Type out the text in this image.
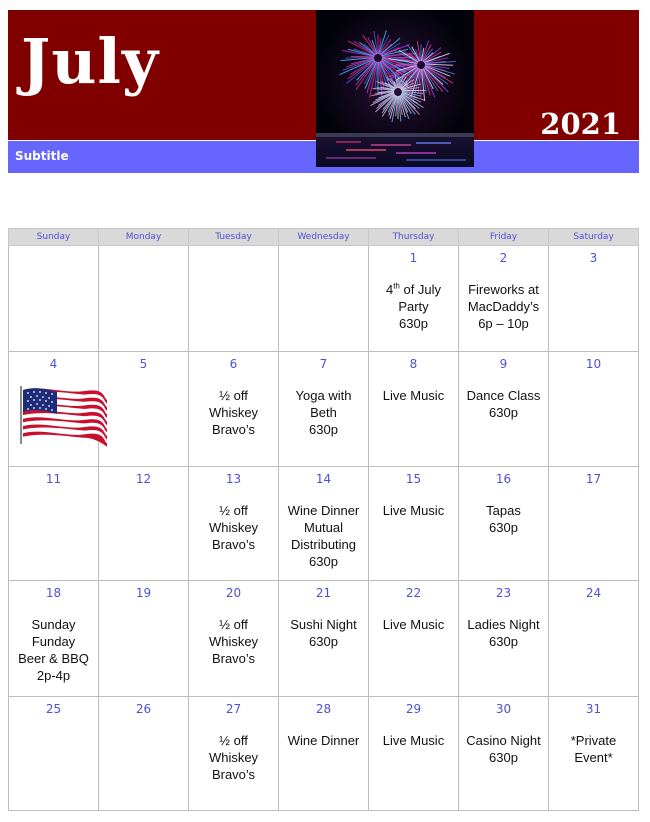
July
2021
Subtitle
Sunday	Monday	Tuesday	Wednesday	Thursday	Friday	Saturday

				1
4th of July
Party
630p	2
Fireworks at
MacDaddy’s
6p – 10p	3

4	5	6
½ off
Whiskey
Bravo’s	7
Yoga with
Beth
630p	8
Live Music	9
Dance Class
630p	10

11	12	13
½ off
Whiskey
Bravo’s	14
Wine Dinner
Mutual
Distributing
630p	15
Live Music	16
Tapas
630p	17

18
Sunday
Funday
Beer & BBQ
2p-4p	19	20
½ off
Whiskey
Bravo’s	21
Sushi Night
630p	22
Live Music	23
Ladies Night
630p	24

25	26	27
½ off
Whiskey
Bravo’s	28
Wine Dinner	29
Live Music	30
Casino Night
630p	31
*Private
Event*
